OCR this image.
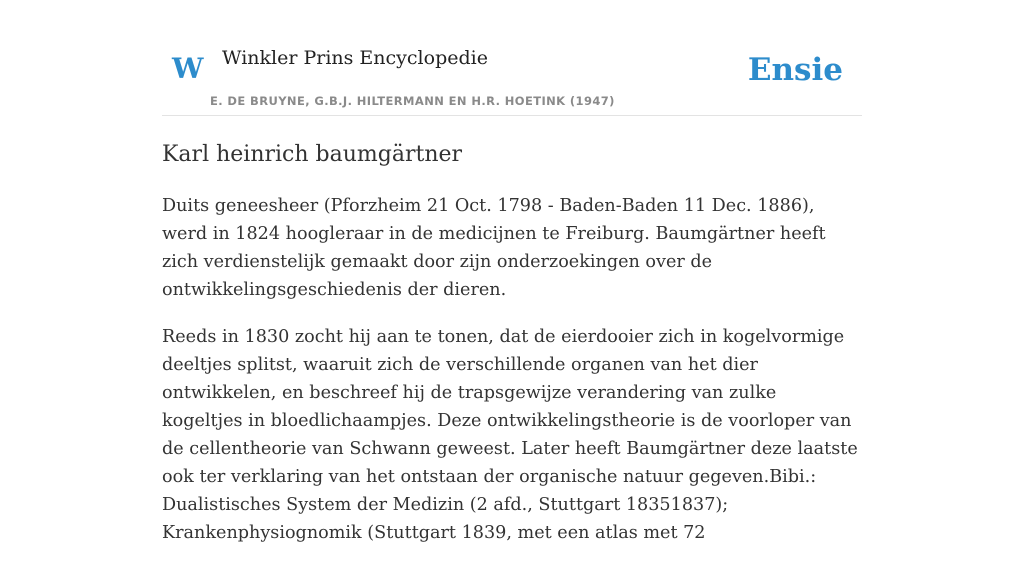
W Winkler Prins Encyclopedie
E. DE BRUYNE, G.B.J. HILTERMANN EN H.R. HOETINK (1947)
Ensie
Karl heinrich baumgärtner

Duits geneesheer (Pforzheim 21 Oct. 1798 - Baden-Baden 11 Dec. 1886), werd in 1824 hoogleraar in de medicijnen te Freiburg. Baumgärtner heeft zich verdienstelijk gemaakt door zijn onderzoekingen over de ontwikkelingsgeschiedenis der dieren.

Reeds in 1830 zocht hij aan te tonen, dat de eierdooier zich in kogelvormige deeltjes splitst, waaruit zich de verschillende organen van het dier ontwikkelen, en beschreef hij de trapsgewijze verandering van zulke kogeltjes in bloedlichaampjes. Deze ontwikkelingstheorie is de voorloper van de cellentheorie van Schwann geweest. Later heeft Baumgärtner deze laatste ook ter verklaring van het ontstaan der organische natuur gegeven.Bibi.: Dualistisches System der Medizin (2 afd., Stuttgart 18351837); Krankenphysiognomik (Stuttgart 1839, met een atlas met 72
